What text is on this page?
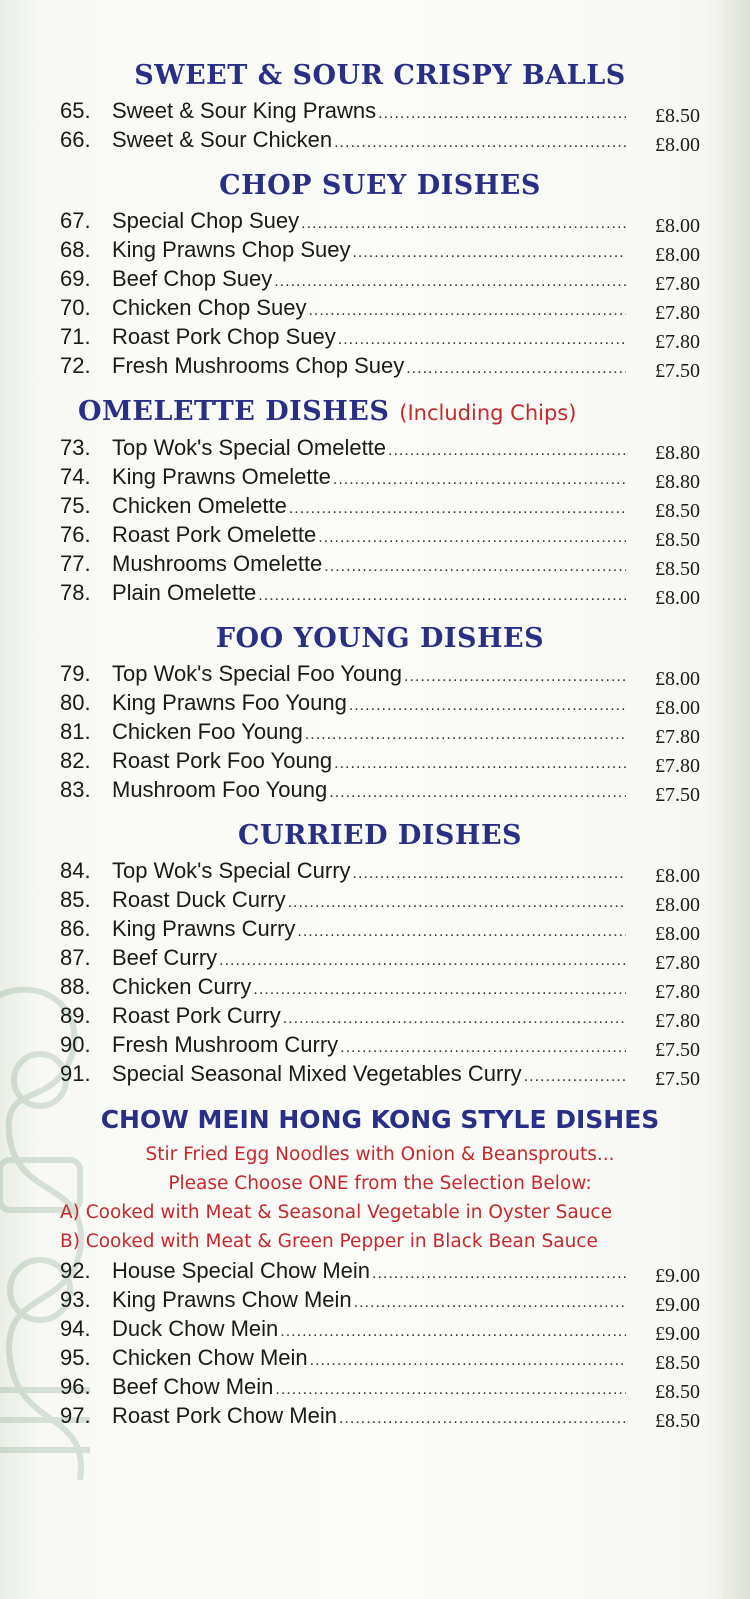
SWEET & SOUR CRISPY BALLS
65. Sweet & Sour King Prawns .....	£8.50
66. Sweet & Sour Chicken .....	£8.00
CHOP SUEY DISHES
67. Special Chop Suey .....	£8.00
68. King Prawns Chop Suey .....	£8.00
69. Beef Chop Suey .....	£7.80
70. Chicken Chop Suey .....	£7.80
71. Roast Pork Chop Suey .....	£7.80
72. Fresh Mushrooms Chop Suey .....	£7.50
OMELETTE DISHES (Including Chips)
73. Top Wok's Special Omelette .....	£8.80
74. King Prawns Omelette .....	£8.80
75. Chicken Omelette .....	£8.50
76. Roast Pork Omelette .....	£8.50
77. Mushrooms Omelette .....	£8.50
78. Plain Omelette .....	£8.00
FOO YOUNG DISHES
79. Top Wok's Special Foo Young .....	£8.00
80. King Prawns Foo Young .....	£8.00
81. Chicken Foo Young .....	£7.80
82. Roast Pork Foo Young .....	£7.80
83. Mushroom Foo Young .....	£7.50
CURRIED DISHES
84. Top Wok's Special Curry .....	£8.00
85. Roast Duck Curry .....	£8.00
86. King Prawns Curry .....	£8.00
87. Beef Curry .....	£7.80
88. Chicken Curry .....	£7.80
89. Roast Pork Curry .....	£7.80
90. Fresh Mushroom Curry .....	£7.50
91. Special Seasonal Mixed Vegetables Curry .....	£7.50
CHOW MEIN HONG KONG STYLE DISHES
Stir Fried Egg Noodles with Onion & Beansprouts...
Please Choose ONE from the Selection Below:
A) Cooked with Meat & Seasonal Vegetable in Oyster Sauce
B) Cooked with Meat & Green Pepper in Black Bean Sauce
92. House Special Chow Mein .....	£9.00
93. King Prawns Chow Mein .....	£9.00
94. Duck Chow Mein .....	£9.00
95. Chicken Chow Mein .....	£8.50
96. Beef Chow Mein .....	£8.50
97. Roast Pork Chow Mein .....	£8.50
